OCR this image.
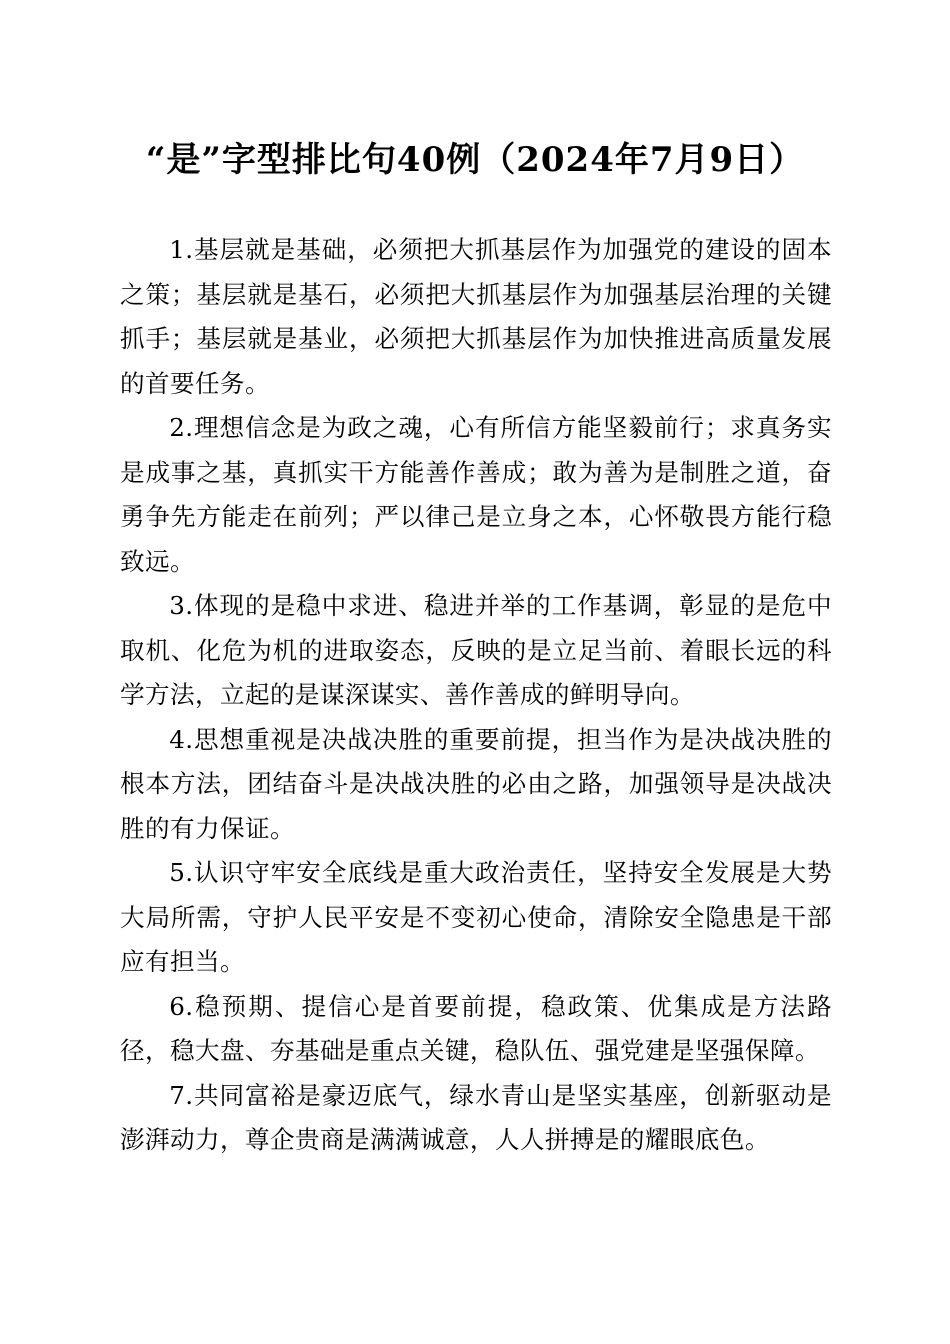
“是”字型排比句40例（2024年7月9日）

1.基层就是基础，必须把大抓基层作为加强党的建设的固本之策；基层就是基石，必须把大抓基层作为加强基层治理的关键抓手；基层就是基业，必须把大抓基层作为加快推进高质量发展的首要任务。

2.理想信念是为政之魂，心有所信方能坚毅前行；求真务实是成事之基，真抓实干方能善作善成；敢为善为是制胜之道，奋勇争先方能走在前列；严以律己是立身之本，心怀敬畏方能行稳致远。

3.体现的是稳中求进、稳进并举的工作基调，彰显的是危中取机、化危为机的进取姿态，反映的是立足当前、着眼长远的科学方法，立起的是谋深谋实、善作善成的鲜明导向。

4.思想重视是决战决胜的重要前提，担当作为是决战决胜的根本方法，团结奋斗是决战决胜的必由之路，加强领导是决战决胜的有力保证。

5.认识守牢安全底线是重大政治责任，坚持安全发展是大势大局所需，守护人民平安是不变初心使命，清除安全隐患是干部应有担当。

6.稳预期、提信心是首要前提，稳政策、优集成是方法路径，稳大盘、夯基础是重点关键，稳队伍、强党建是坚强保障。

7.共同富裕是豪迈底气，绿水青山是坚实基座，创新驱动是澎湃动力，尊企贵商是满满诚意，人人拼搏是的耀眼底色。
